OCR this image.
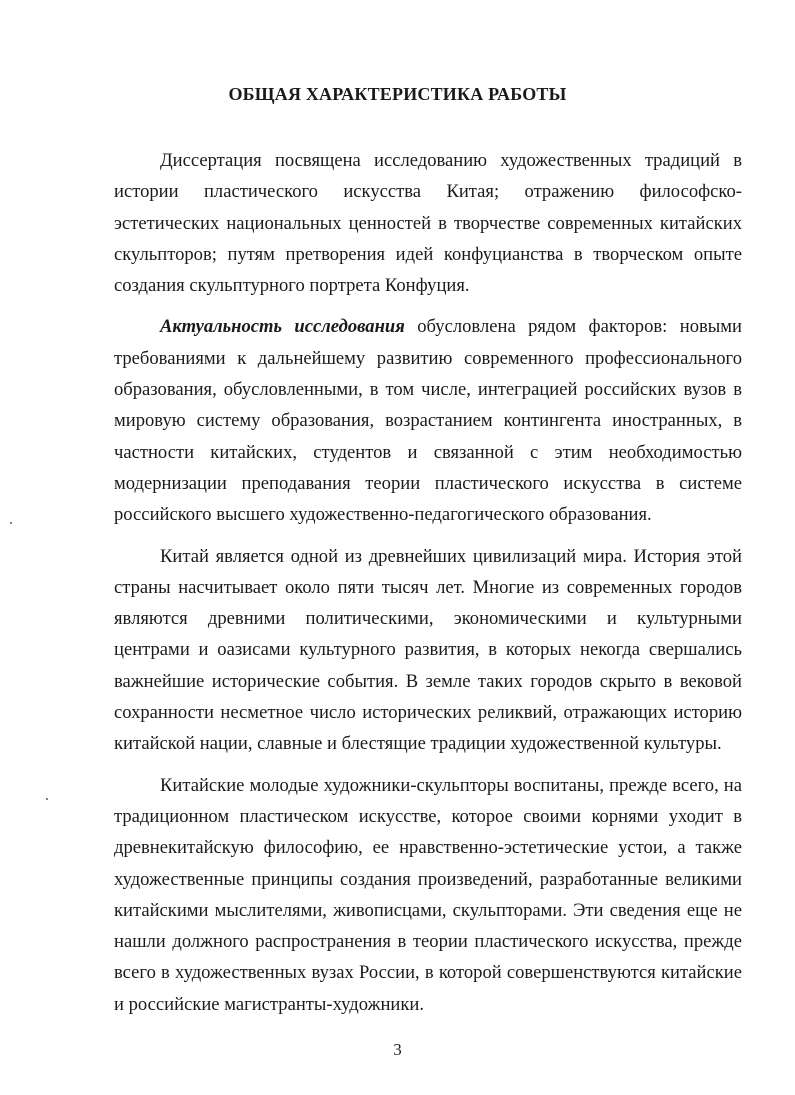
ОБЩАЯ ХАРАКТЕРИСТИКА РАБОТЫ

Диссертация посвящена исследованию художественных традиций в истории пластического искусства Китая; отражению философско-эстетических национальных ценностей в творчестве современных китайских скульпторов; путям претворения идей конфуцианства в творческом опыте создания скульптурного портрета Конфуция.

Актуальность исследования обусловлена рядом факторов: новыми требованиями к дальнейшему развитию современного профессионального образования, обусловленными, в том числе, интеграцией российских вузов в мировую систему образования, возрастанием контингента иностранных, в частности китайских, студентов и связанной с этим необходимостью модернизации преподавания теории пластического искусства в системе российского высшего художественно-педагогического образования.

Китай является одной из древнейших цивилизаций мира. История этой страны насчитывает около пяти тысяч лет. Многие из современных городов являются древними политическими, экономическими и культурными центрами и оазисами культурного развития, в которых некогда свершались важнейшие исторические события. В земле таких городов скрыто в вековой сохранности несметное число исторических реликвий, отражающих историю китайской нации, славные и блестящие традиции художественной культуры.

Китайские молодые художники-скульпторы воспитаны, прежде всего, на традиционном пластическом искусстве, которое своими корнями уходит в древнекитайскую философию, ее нравственно-эстетические устои, а также художественные принципы создания произведений, разработанные великими китайскими мыслителями, живописцами, скульпторами. Эти сведения еще не нашли должного распространения в теории пластического искусства, прежде всего в художественных вузах России, в которой совершенствуются китайские и российские магистранты-художники.

3
